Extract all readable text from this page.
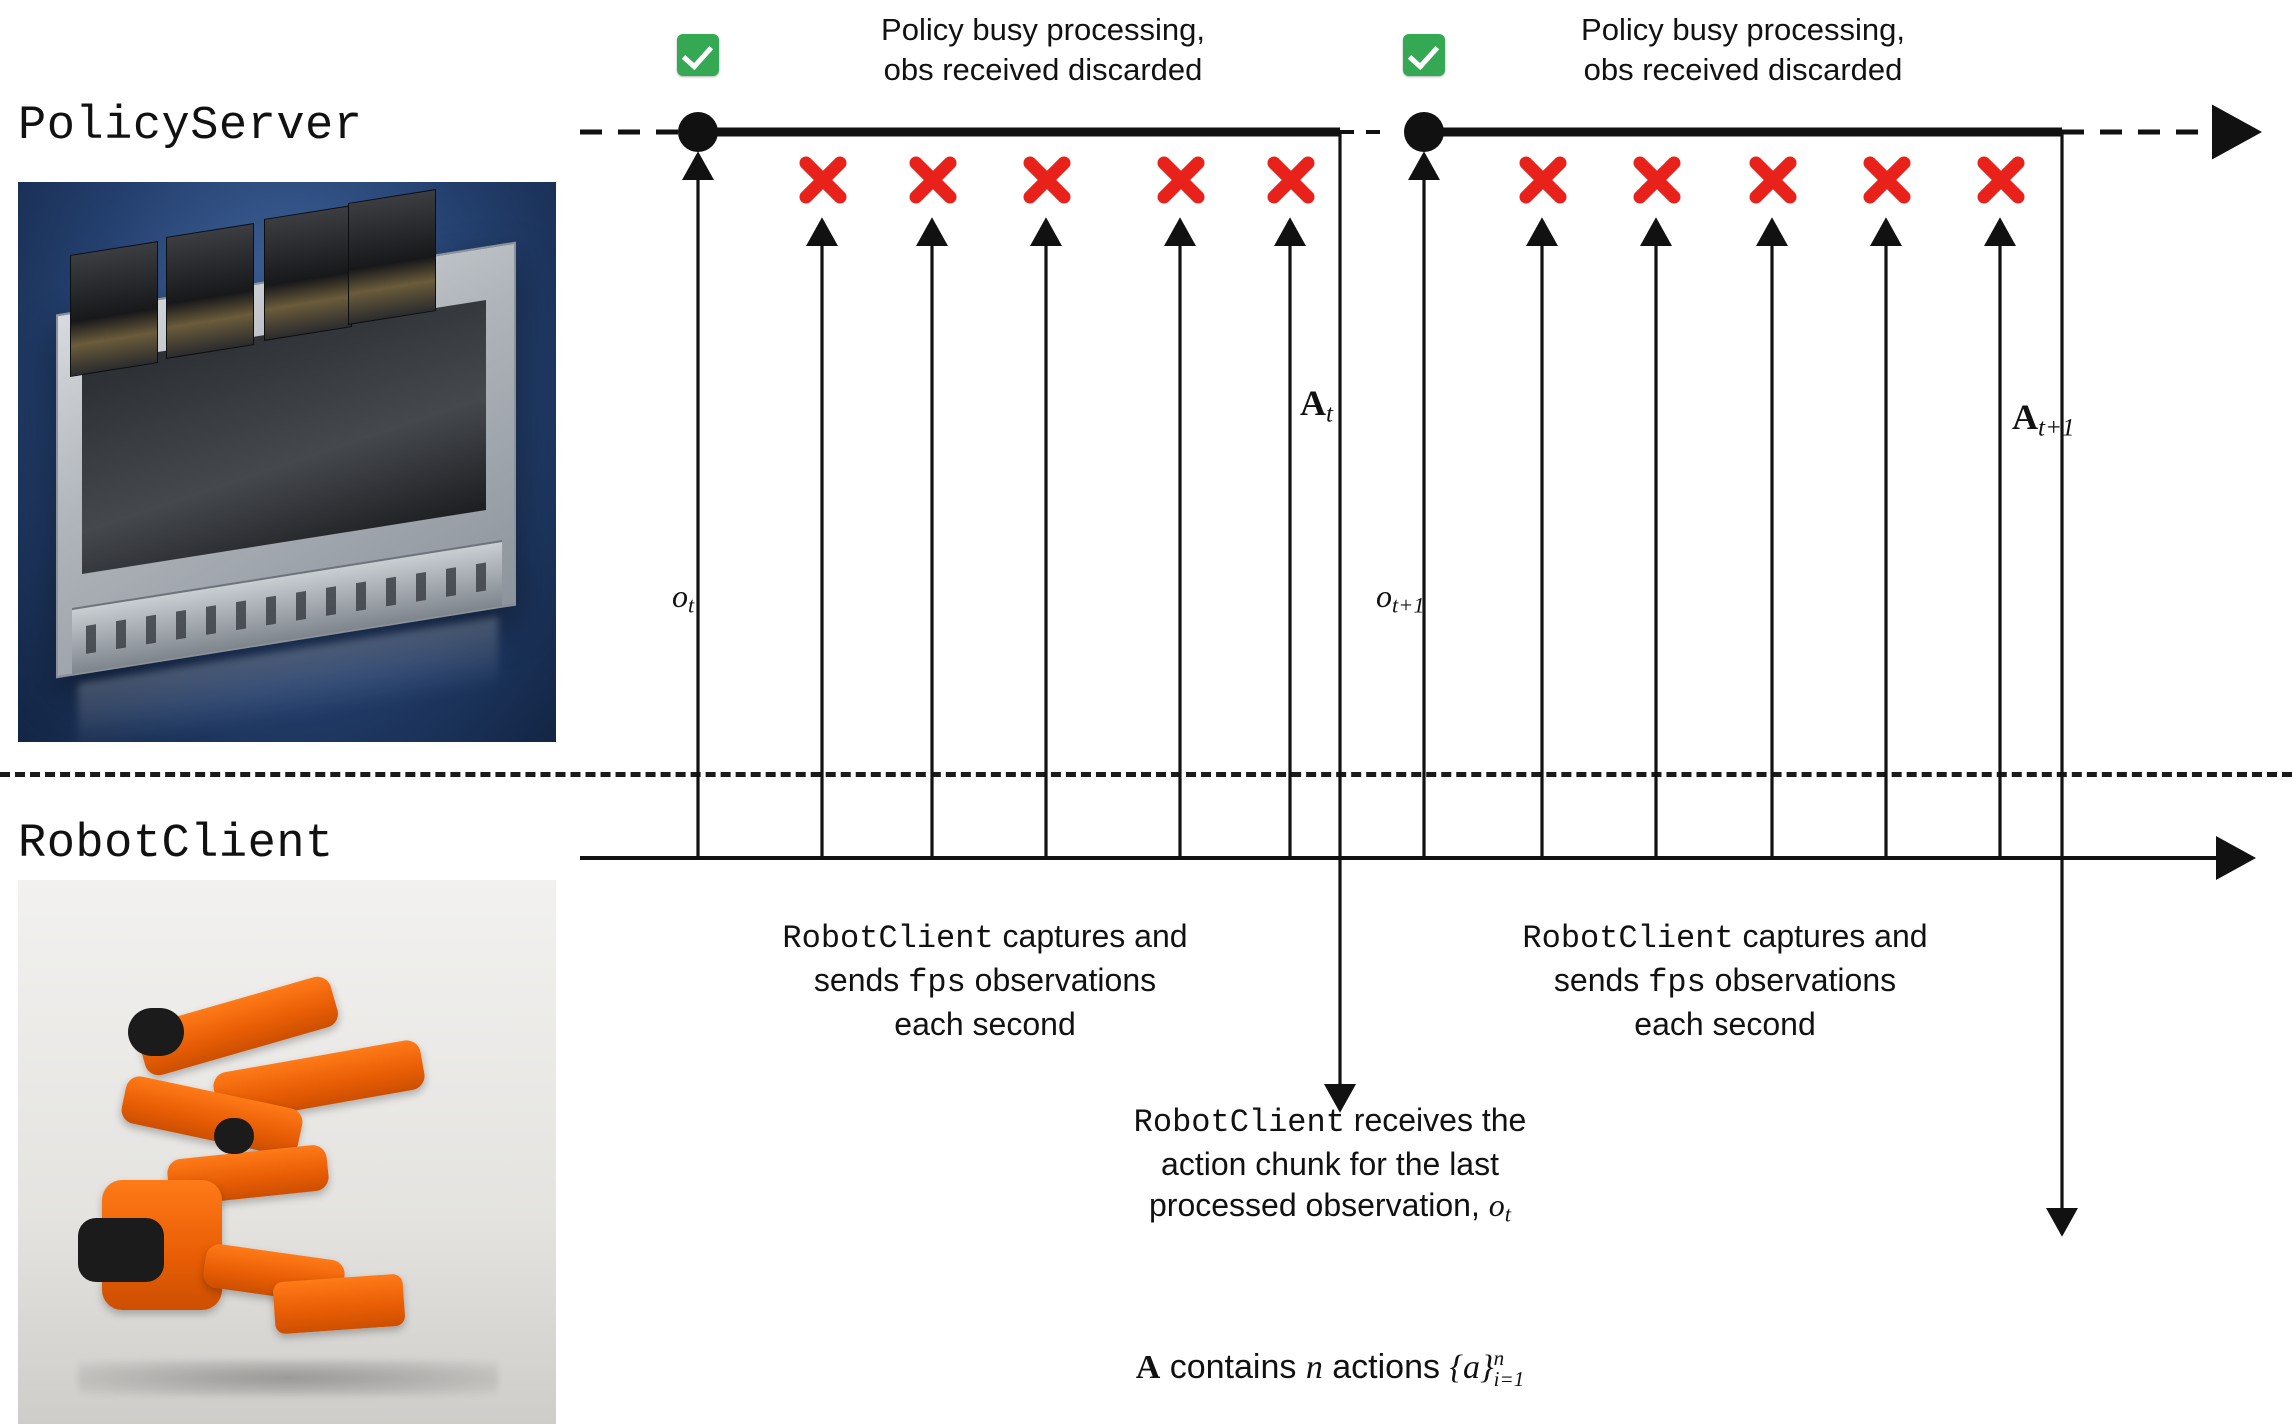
PolicyServer
RobotClient
Policy busy processing,
obs received discarded
Policy busy processing,
obs received discarded
$o_t$	$o_{t+1}$
$A_t$	$A_{t+1}$
RobotClient captures and
sends fps observations
each second
RobotClient captures and
sends fps observations
each second
RobotClient receives the
action chunk for the last
processed observation, $o_t$
A contains n actions {a} n
i=1
